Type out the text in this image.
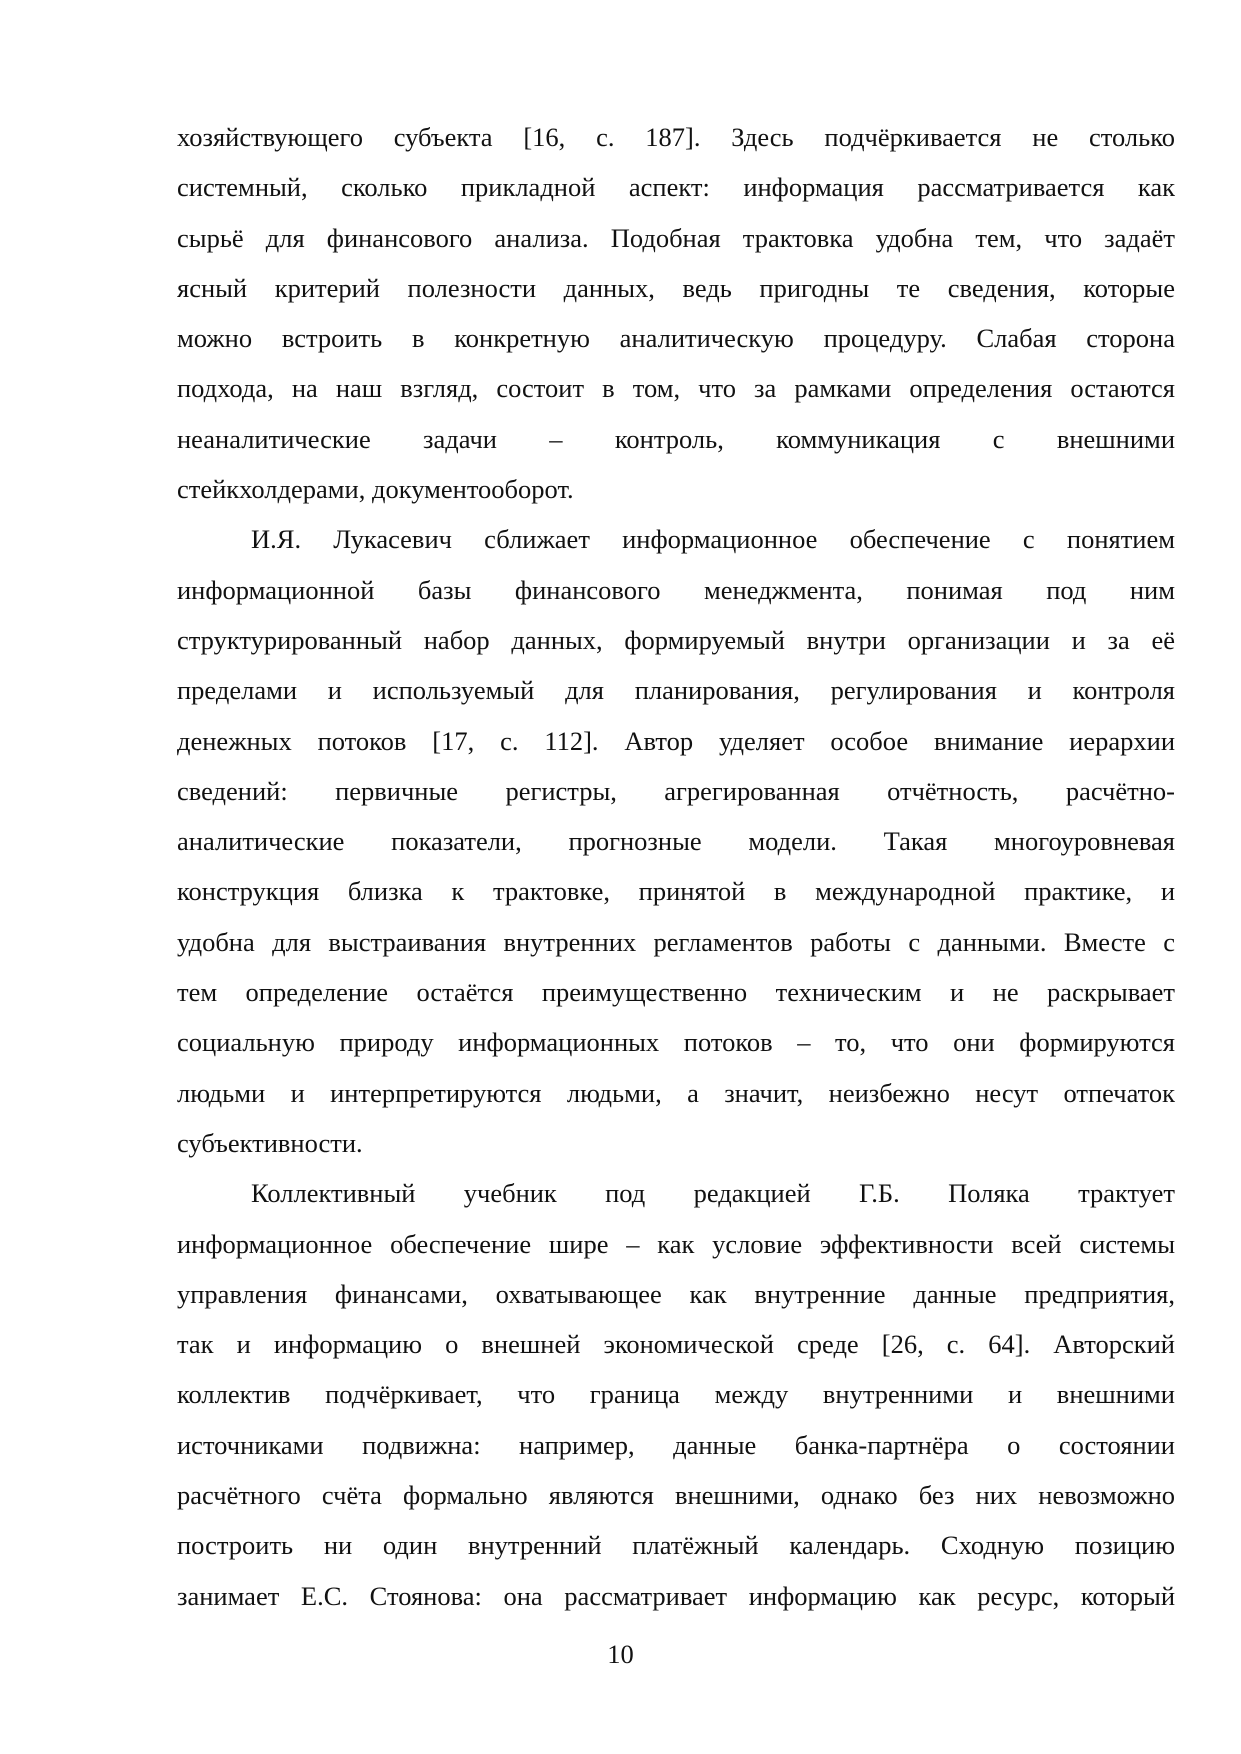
хозяйствующего субъекта [16, с. 187]. Здесь подчёркивается не столько
системный, сколько прикладной аспект: информация рассматривается как
сырьё для финансового анализа. Подобная трактовка удобна тем, что задаёт
ясный критерий полезности данных, ведь пригодны те сведения, которые
можно встроить в конкретную аналитическую процедуру. Слабая сторона
подхода, на наш взгляд, состоит в том, что за рамками определения остаются
неаналитические задачи – контроль, коммуникация с внешними
стейкхолдерами, документооборот.
И.Я. Лукасевич сближает информационное обеспечение с понятием
информационной базы финансового менеджмента, понимая под ним
структурированный набор данных, формируемый внутри организации и за её
пределами и используемый для планирования, регулирования и контроля
денежных потоков [17, с. 112]. Автор уделяет особое внимание иерархии
сведений: первичные регистры, агрегированная отчётность, расчётно-
аналитические показатели, прогнозные модели. Такая многоуровневая
конструкция близка к трактовке, принятой в международной практике, и
удобна для выстраивания внутренних регламентов работы с данными. Вместе с
тем определение остаётся преимущественно техническим и не раскрывает
социальную природу информационных потоков – то, что они формируются
людьми и интерпретируются людьми, а значит, неизбежно несут отпечаток
субъективности.
Коллективный учебник под редакцией Г.Б. Поляка трактует
информационное обеспечение шире – как условие эффективности всей системы
управления финансами, охватывающее как внутренние данные предприятия,
так и информацию о внешней экономической среде [26, с. 64]. Авторский
коллектив подчёркивает, что граница между внутренними и внешними
источниками подвижна: например, данные банка-партнёра о состоянии
расчётного счёта формально являются внешними, однако без них невозможно
построить ни один внутренний платёжный календарь. Сходную позицию
занимает Е.С. Стоянова: она рассматривает информацию как ресурс, который
10
